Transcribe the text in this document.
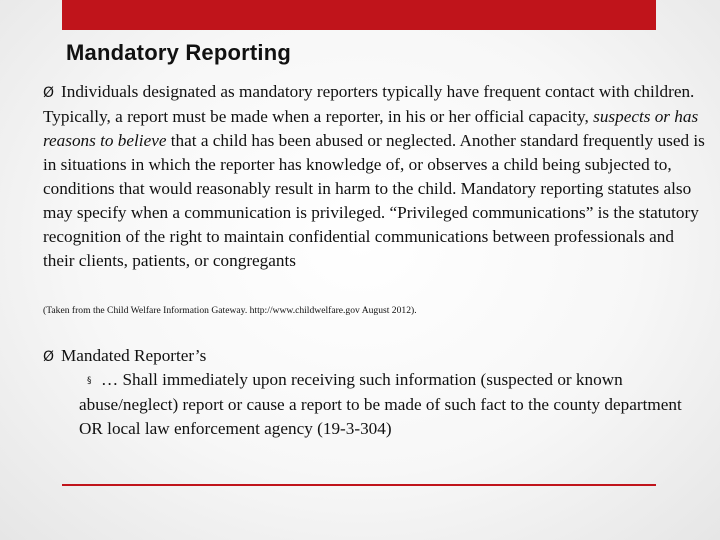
Mandatory Reporting

Ø Individuals designated as mandatory reporters typically have frequent contact with children. Typically, a report must be made when a reporter, in his or her official capacity, suspects or has reasons to believe that a child has been abused or neglected. Another standard frequently used is in situations in which the reporter has knowledge of, or observes a child being subjected to, conditions that would reasonably result in harm to the child. Mandatory reporting statutes also may specify when a communication is privileged. “Privileged communications” is the statutory recognition of the right to maintain confidential communications between professionals and their clients, patients, or congregants

(Taken from the Child Welfare Information Gateway. http://www.childwelfare.gov August 2012).
Ø Mandated Reporter’s

§ … Shall immediately upon receiving such information (suspected or known abuse/neglect) report or cause a report to be made of such fact to the county department OR local law enforcement agency (19-3-304)
